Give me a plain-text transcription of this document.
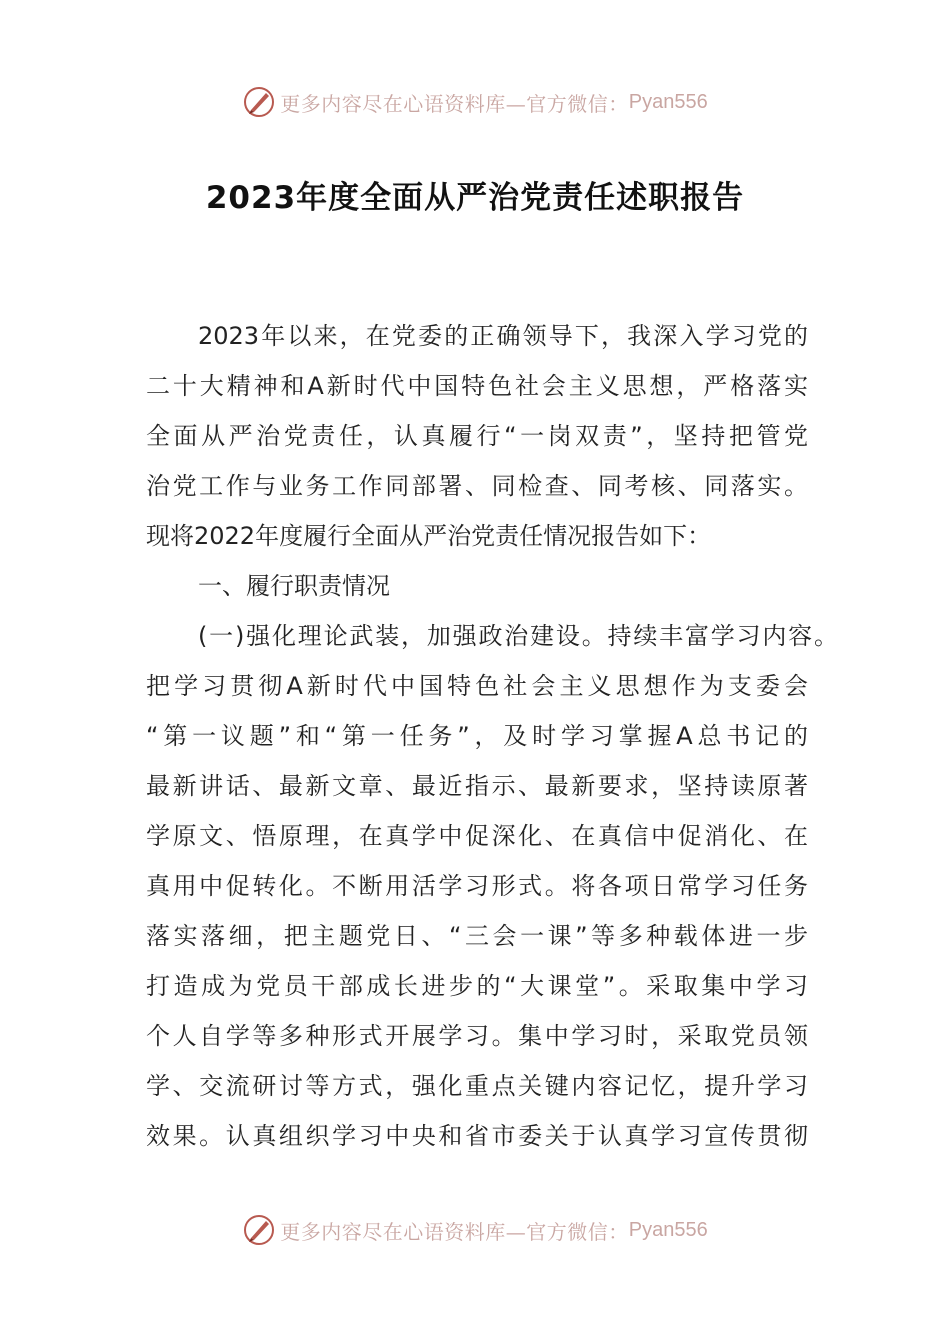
更多内容尽在心语资料库— 官方微信： Pyan556
2023年度全面从严治党责任述职报告
2023年以来，在党委的正确领导下，我深入学习党的
二十大精神和A新时代中国特色社会主义思想，严格落实
全面从严治党责任，认真履行“一岗双责”，坚持把管党
治党工作与业务工作同部署、同检查、同考核、同落实。
现将2022年度履行全面从严治党责任情况报告如下：
一、履行职责情况
(一)强化理论武装，加强政治建设。持续丰富学习内容。
把学习贯彻A新时代中国特色社会主义思想作为支委会
“第一议题”和“第一任务”，及时学习掌握A总书记的
最新讲话、最新文章、最近指示、最新要求，坚持读原著
学原文、悟原理，在真学中促深化、在真信中促消化、在
真用中促转化。不断用活学习形式。将各项日常学习任务
落实落细，把主题党日、“三会一课”等多种载体进一步
打造成为党员干部成长进步的“大课堂”。采取集中学习
个人自学等多种形式开展学习。集中学习时，采取党员领
学、交流研讨等方式，强化重点关键内容记忆，提升学习
效果。认真组织学习中央和省市委关于认真学习宣传贯彻
更多内容尽在心语资料库— 官方微信： Pyan556
